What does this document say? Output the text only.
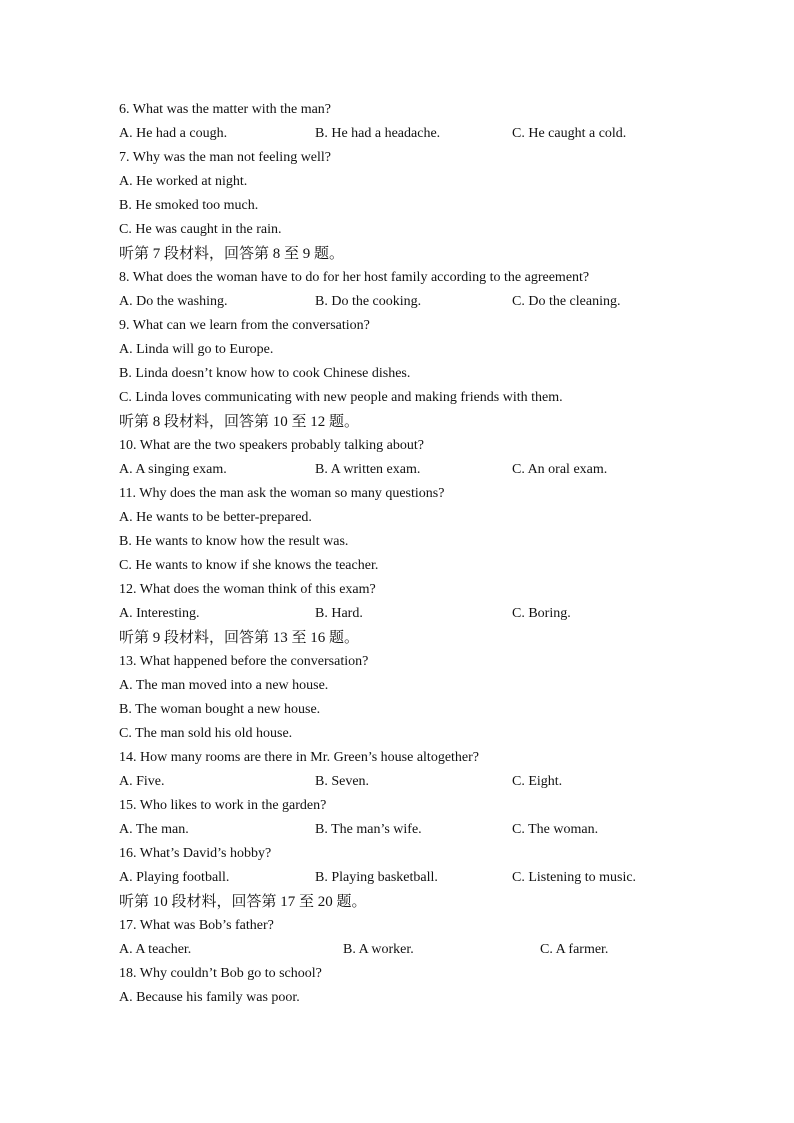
6. What was the matter with the man?
A. He had a cough.	B. He had a headache.	C. He caught a cold.
7. Why was the man not feeling well?
A. He worked at night.
B. He smoked too much.
C. He was caught in the rain.
听第 7 段材料，回答第 8 至 9 题。
8. What does the woman have to do for her host family according to the agreement?
A. Do the washing.	B. Do the cooking.	C. Do the cleaning.
9. What can we learn from the conversation?
A. Linda will go to Europe.
B. Linda doesn’t know how to cook Chinese dishes.
C. Linda loves communicating with new people and making friends with them.
听第 8 段材料，回答第 10 至 12 题。
10. What are the two speakers probably talking about?
A. A singing exam.	B. A written exam.	C. An oral exam.
11. Why does the man ask the woman so many questions?
A. He wants to be better-prepared.
B. He wants to know how the result was.
C. He wants to know if she knows the teacher.
12. What does the woman think of this exam?
A. Interesting.	B. Hard.	C. Boring.
听第 9 段材料，回答第 13 至 16 题。
13. What happened before the conversation?
A. The man moved into a new house.
B. The woman bought a new house.
C. The man sold his old house.
14. How many rooms are there in Mr. Green’s house altogether?
A. Five.	B. Seven.	C. Eight.
15. Who likes to work in the garden?
A. The man.	B. The man’s wife.	C. The woman.
16. What’s David’s hobby?
A. Playing football.	B. Playing basketball.	C. Listening to music.
听第 10 段材料，回答第 17 至 20 题。
17. What was Bob’s father?
A. A teacher.	B. A worker.	C. A farmer.
18. Why couldn’t Bob go to school?
A. Because his family was poor.
